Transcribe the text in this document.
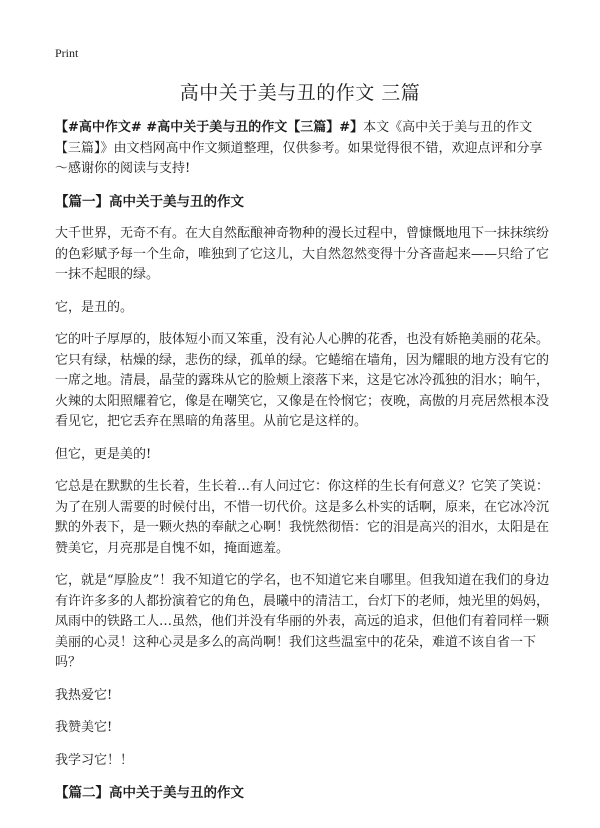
Print
高中关于美与丑的作文 三篇

【#高中作文# #高中关于美与丑的作文【三篇】#】本文《高中关于美与丑的作文【三篇】》由文档网高中作文频道整理，仅供参考。如果觉得很不错，欢迎点评和分享～感谢你的阅读与支持!

【篇一】高中关于美与丑的作文

大千世界，无奇不有。在大自然酝酿神奇物种的漫长过程中，曾慷慨地甩下一抹抹缤纷的色彩赋予每一个生命，唯独到了它这儿，大自然忽然变得十分吝啬起来——只给了它一抹不起眼的绿。

它，是丑的。

它的叶子厚厚的，肢体短小而又笨重，没有沁人心脾的花香，也没有娇艳美丽的花朵。它只有绿，枯燥的绿，悲伤的绿，孤单的绿。它蜷缩在墙角，因为耀眼的地方没有它的一席之地。清晨，晶莹的露珠从它的脸颊上滚落下来，这是它冰冷孤独的泪水；晌午，火辣的太阳照耀着它，像是在嘲笑它，又像是在怜悯它；夜晚，高傲的月亮居然根本没看见它，把它丢弃在黑暗的角落里。从前它是这样的。

但它，更是美的!

它总是在默默的生长着，生长着…有人问过它：你这样的生长有何意义？它笑了笑说：为了在别人需要的时候付出，不惜一切代价。这是多么朴实的话啊，原来，在它冰冷沉默的外表下，是一颗火热的奉献之心啊！我恍然彻悟：它的泪是高兴的泪水，太阳是在赞美它，月亮那是自愧不如，掩面遮羞。

它，就是“厚脸皮”！我不知道它的学名，也不知道它来自哪里。但我知道在我们的身边有许许多多的人都扮演着它的角色，晨曦中的清洁工，台灯下的老师，烛光里的妈妈，凤雨中的铁路工人…虽然，他们并没有华丽的外表，高远的追求，但他们有着同样一颗美丽的心灵！这种心灵是多么的高尚啊！我们这些温室中的花朵，难道不该自省一下吗？

我热爱它!

我赞美它!

我学习它！！

【篇二】高中关于美与丑的作文
